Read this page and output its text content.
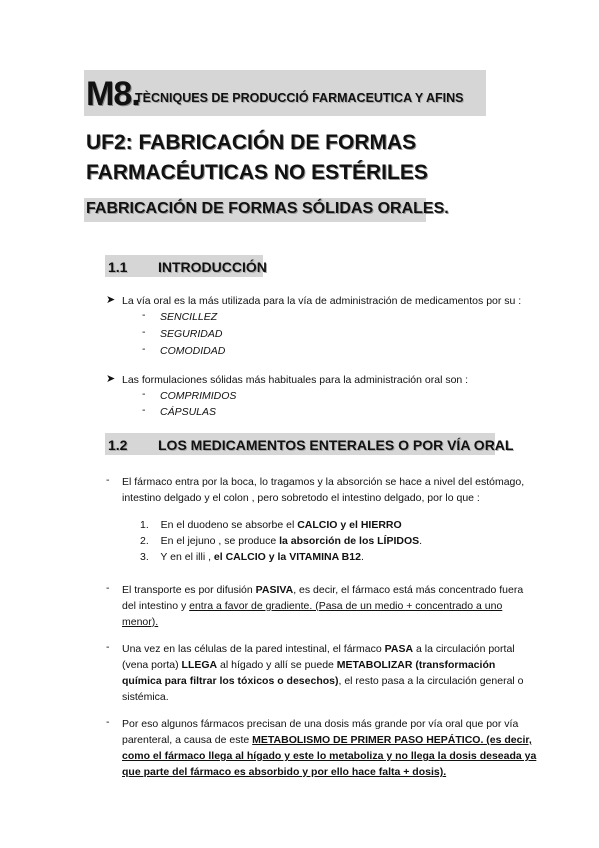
M8.
TÈCNIQUES DE PRODUCCIÓ FARMACEUTICA Y AFINS
UF2: FABRICACIÓN DE FORMAS
FARMACÉUTICAS NO ESTÉRILES
FABRICACIÓN DE FORMAS SÓLIDAS ORALES.
1.1 INTRODUCCIÓN
➤ La vía oral es la más utilizada para la vía de administración de medicamentos por su :
- SENCILLEZ
- SEGURIDAD
- COMODIDAD
➤ Las formulaciones sólidas más habituales para la administración oral son :
- COMPRIMIDOS
- CÁPSULAS
1.2 LOS MEDICAMENTOS ENTERALES O POR VÍA ORAL
- El fármaco entra por la boca, lo tragamos y la absorción se hace a nivel del estómago,
intestino delgado y el colon , pero sobretodo el intestino delgado, por lo que :
1. En el duodeno se absorbe el CALCIO y el HIERRO
2. En el jejuno , se produce la absorción de los LÍPIDOS.
3. Y en el illi , el CALCIO y la VITAMINA B12.
- El transporte es por difusión PASIVA, es decir, el fármaco está más concentrado fuera
del intestino y entra a favor de gradiente. (Pasa de un medio + concentrado a uno
menor).
- Una vez en las células de la pared intestinal, el fármaco PASA a la circulación portal
(vena porta) LLEGA al hígado y allí se puede METABOLIZAR (transformación
química para filtrar los tóxicos o desechos), el resto pasa a la circulación general o
sistémica.
- Por eso algunos fármacos precisan de una dosis más grande por vía oral que por vía
parenteral, a causa de este METABOLISMO DE PRIMER PASO HEPÁTICO. (es decir,
como el fármaco llega al hígado y este lo metaboliza y no llega la dosis deseada ya
que parte del fármaco es absorbido y por ello hace falta + dosis).
